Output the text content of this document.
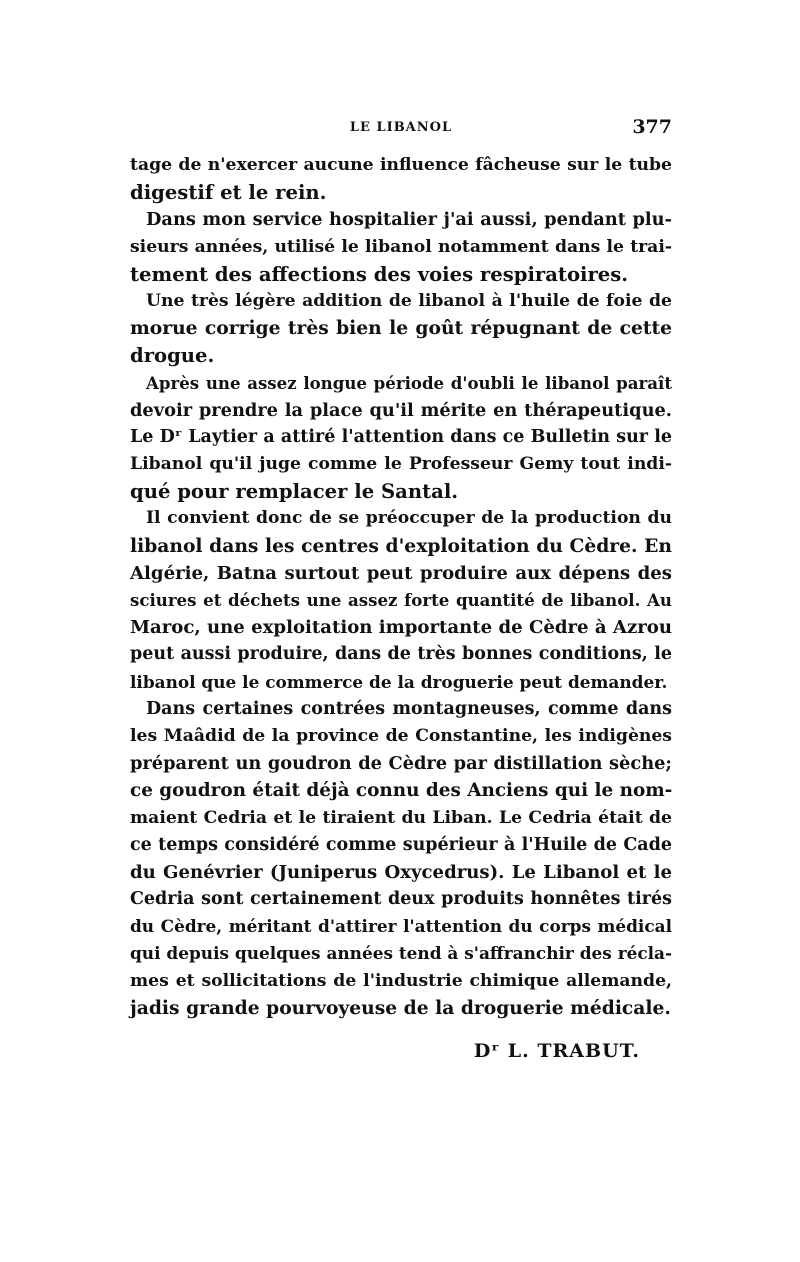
LE LIBANOL	377
tage de n'exercer aucune influence fâcheuse sur le tube
digestif et le rein.
Dans mon service hospitalier j'ai aussi, pendant plu-
sieurs années, utilisé le libanol notamment dans le trai-
tement des affections des voies respiratoires.
Une très légère addition de libanol à l'huile de foie de
morue corrige très bien le goût répugnant de cette
drogue.
Après une assez longue période d'oubli le libanol paraît
devoir prendre la place qu'il mérite en thérapeutique.
Le Dʳ Laytier a attiré l'attention dans ce Bulletin sur le
Libanol qu'il juge comme le Professeur Gemy tout indi-
qué pour remplacer le Santal.
Il convient donc de se préoccuper de la production du
libanol dans les centres d'exploitation du Cèdre. En
Algérie, Batna surtout peut produire aux dépens des
sciures et déchets une assez forte quantité de libanol. Au
Maroc, une exploitation importante de Cèdre à Azrou
peut aussi produire, dans de très bonnes conditions, le
libanol que le commerce de la droguerie peut demander.
Dans certaines contrées montagneuses, comme dans
les Maâdid de la province de Constantine, les indigènes
préparent un goudron de Cèdre par distillation sèche;
ce goudron était déjà connu des Anciens qui le nom-
maient Cedria et le tiraient du Liban. Le Cedria était de
ce temps considéré comme supérieur à l'Huile de Cade
du Genévrier (Juniperus Oxycedrus). Le Libanol et le
Cedria sont certainement deux produits honnêtes tirés
du Cèdre, méritant d'attirer l'attention du corps médical
qui depuis quelques années tend à s'affranchir des récla-
mes et sollicitations de l'industrie chimique allemande,
jadis grande pourvoyeuse de la droguerie médicale.
Dʳ L. TRABUT.
